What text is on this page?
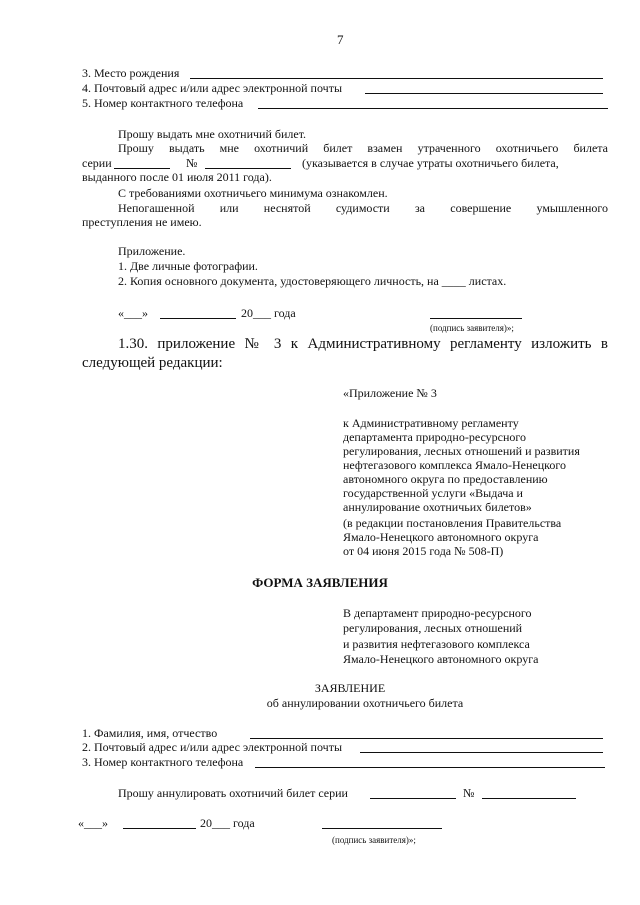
7
3. Место рождения
4. Почтовый адрес и/или адрес электронной почты
5. Номер контактного телефона
Прошу выдать мне охотничий билет.
Прошу выдать мне охотничий билет взамен утраченного охотничьего билета
серии	№	(указывается в случае утраты охотничьего билета,
выданного после 01 июля 2011 года).
С требованиями охотничьего минимума ознакомлен.
Непогашенной или неснятой судимости за совершение умышленного
преступления не имею.
Приложение.
1. Две личные фотографии.
2. Копия основного документа, удостоверяющего личность, на ____ листах.
«___»	20___ года
(подпись заявителя)»;
1.30. приложение № 3 к Административному регламенту изложить в
следующей редакции:
«Приложение № 3
к Административному регламенту
департамента природно-ресурсного
регулирования, лесных отношений и развития
нефтегазового комплекса Ямало-Ненецкого
автономного округа по предоставлению
государственной услуги «Выдача и
аннулирование охотничьих билетов»
(в редакции постановления Правительства
Ямало-Ненецкого автономного округа
от 04 июня 2015 года № 508-П)
ФОРМА ЗАЯВЛЕНИЯ
В департамент природно-ресурсного
регулирования, лесных отношений
и развития нефтегазового комплекса
Ямало-Ненецкого автономного округа
ЗАЯВЛЕНИЕ
об аннулировании охотничьего билета
1. Фамилия, имя, отчество
2. Почтовый адрес и/или адрес электронной почты
3. Номер контактного телефона
Прошу аннулировать охотничий билет серии	№
«___»	20___ года
(подпись заявителя)»;
